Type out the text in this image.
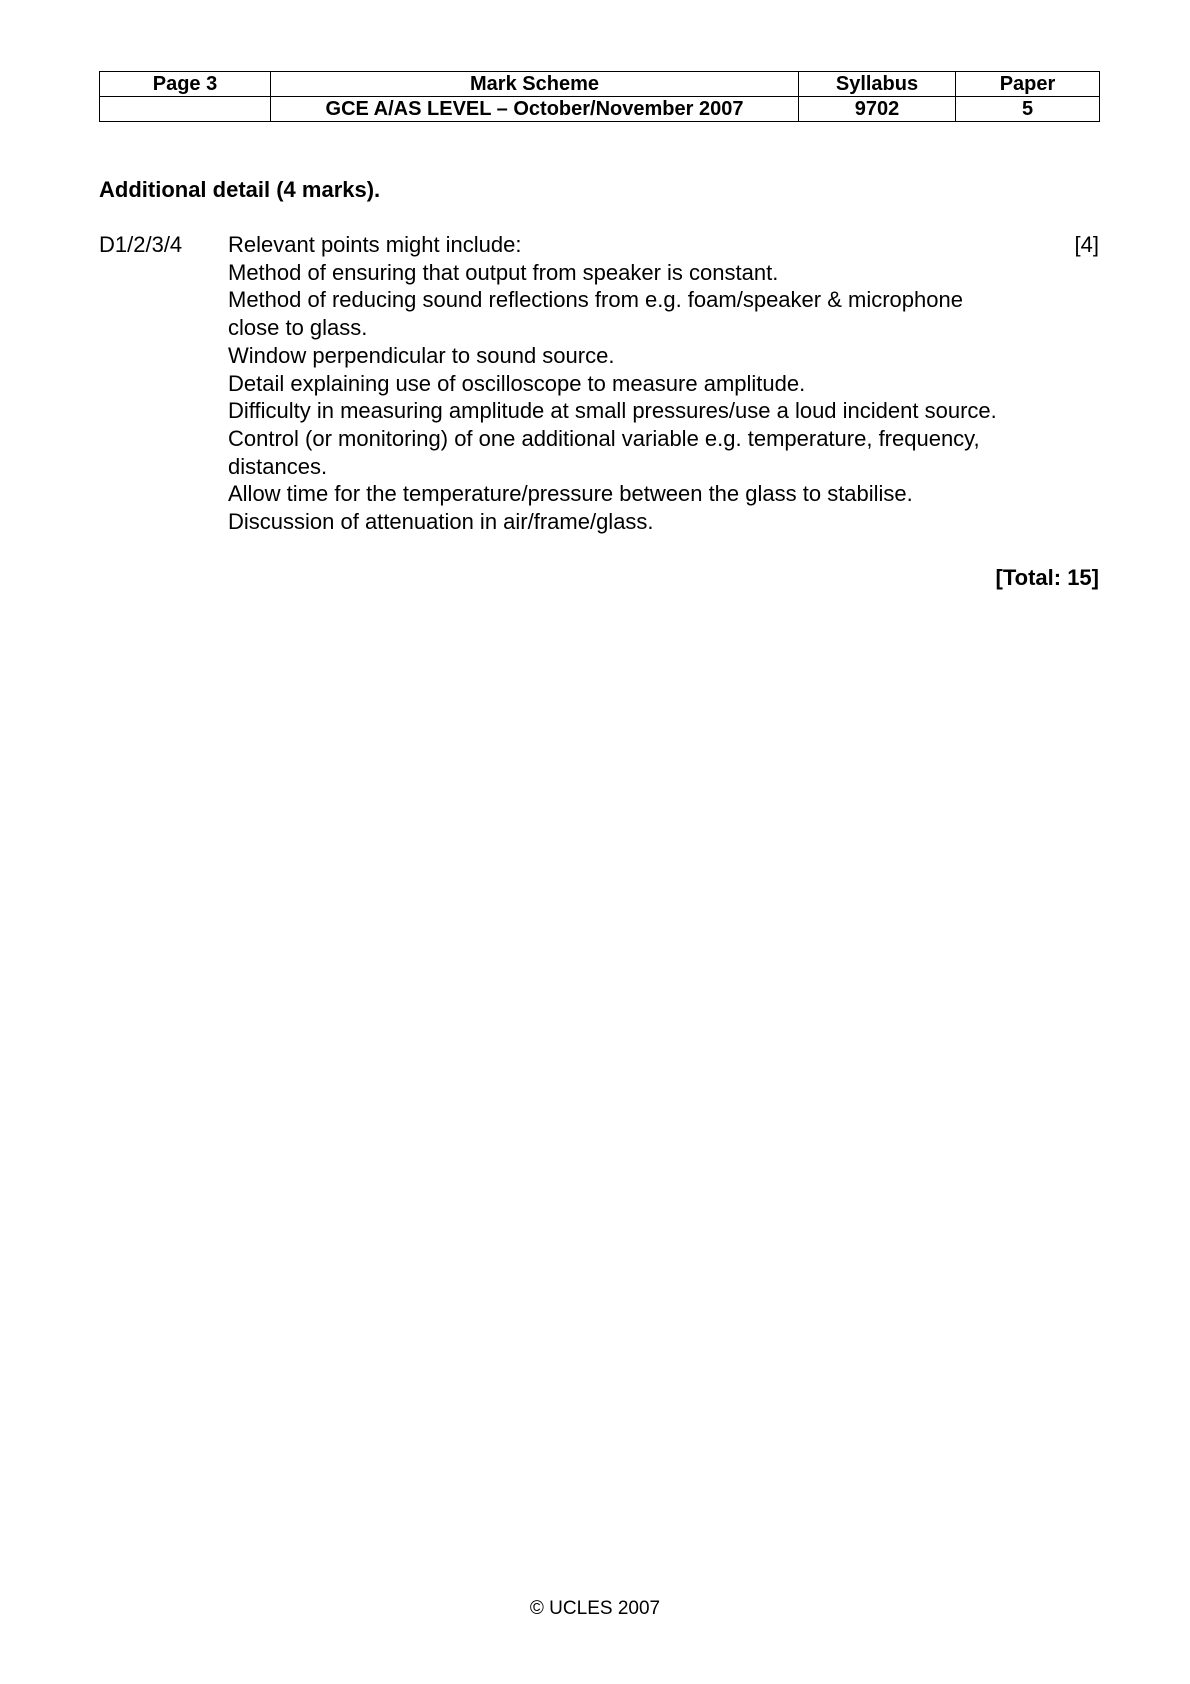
Page 3	Mark Scheme	Syllabus	Paper
	GCE A/AS LEVEL – October/November 2007	9702	5
Additional detail (4 marks).
D1/2/3/4 Relevant points might include:
Method of ensuring that output from speaker is constant.
Method of reducing sound reflections from e.g. foam/speaker & microphone
close to glass.
Window perpendicular to sound source.
Detail explaining use of oscilloscope to measure amplitude.
Difficulty in measuring amplitude at small pressures/use a loud incident source.
Control (or monitoring) of one additional variable e.g. temperature, frequency,
distances.
Allow time for the temperature/pressure between the glass to stabilise.
Discussion of attenuation in air/frame/glass.
[4]
[Total: 15]
© UCLES 2007
